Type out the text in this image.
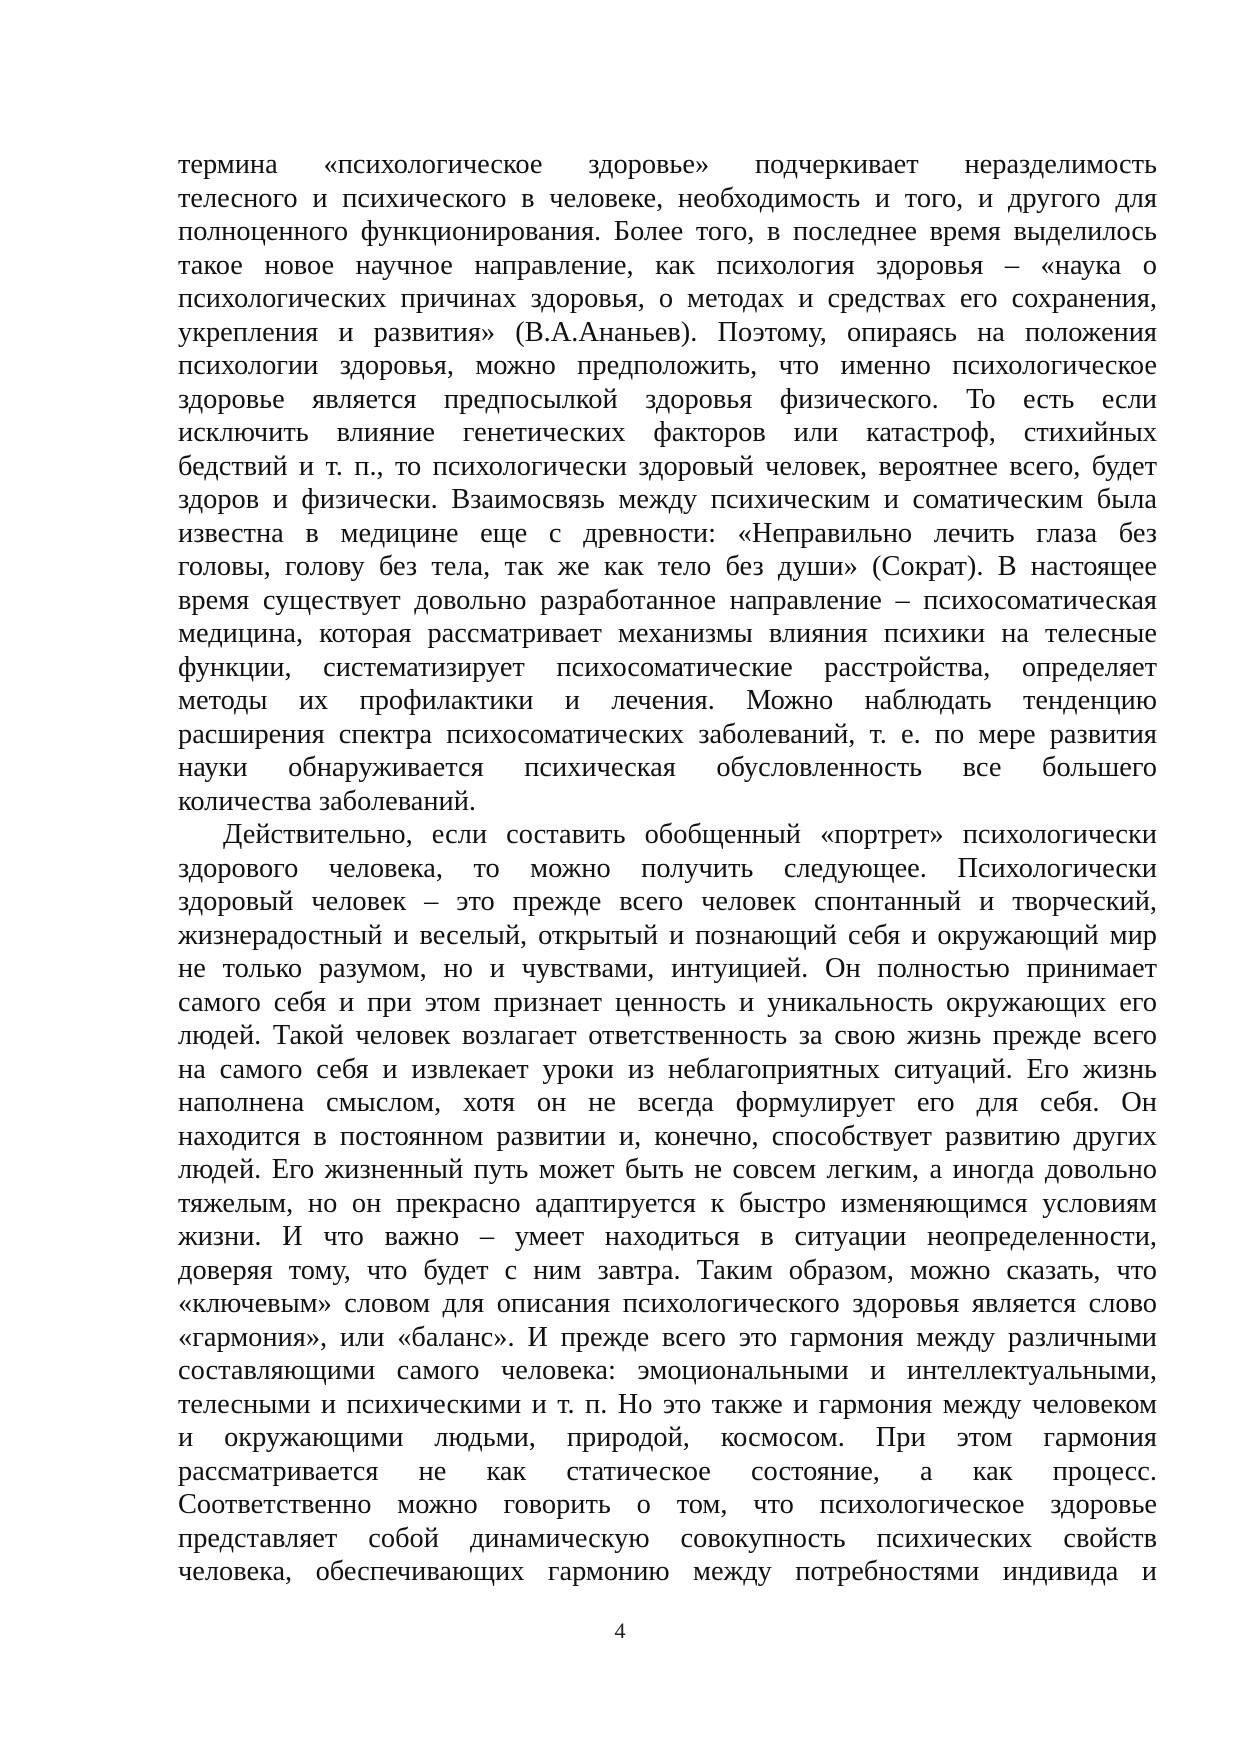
термина «психологическое здоровье» подчеркивает неразделимость
телесного и психического в человеке, необходимость и того, и другого для
полноценного функционирования. Более того, в последнее время выделилось
такое новое научное направление, как психология здоровья – «наука о
психологических причинах здоровья, о методах и средствах его сохранения,
укрепления и развития» (В.А.Ананьев). Поэтому, опираясь на положения
психологии здоровья, можно предположить, что именно психологическое
здоровье является предпосылкой здоровья физического. То есть если
исключить влияние генетических факторов или катастроф, стихийных
бедствий и т. п., то психологически здоровый человек, вероятнее всего, будет
здоров и физически. Взаимосвязь между психическим и соматическим была
известна в медицине еще с древности: «Неправильно лечить глаза без
головы, голову без тела, так же как тело без души» (Сократ). В настоящее
время существует довольно разработанное направление – психосоматическая
медицина, которая рассматривает механизмы влияния психики на телесные
функции, систематизирует психосоматические расстройства, определяет
методы их профилактики и лечения. Можно наблюдать тенденцию
расширения спектра психосоматических заболеваний, т. е. по мере развития
науки обнаруживается психическая обусловленность все большего
количества заболеваний.

Действительно, если составить обобщенный «портрет» психологически
здорового человека, то можно получить следующее. Психологически
здоровый человек – это прежде всего человек спонтанный и творческий,
жизнерадостный и веселый, открытый и познающий себя и окружающий мир
не только разумом, но и чувствами, интуицией. Он полностью принимает
самого себя и при этом признает ценность и уникальность окружающих его
людей. Такой человек возлагает ответственность за свою жизнь прежде всего
на самого себя и извлекает уроки из неблагоприятных ситуаций. Его жизнь
наполнена смыслом, хотя он не всегда формулирует его для себя. Он
находится в постоянном развитии и, конечно, способствует развитию других
людей. Его жизненный путь может быть не совсем легким, а иногда довольно
тяжелым, но он прекрасно адаптируется к быстро изменяющимся условиям
жизни. И что важно – умеет находиться в ситуации неопределенности,
доверяя тому, что будет с ним завтра. Таким образом, можно сказать, что
«ключевым» словом для описания психологического здоровья является слово
«гармония», или «баланс». И прежде всего это гармония между различными
составляющими самого человека: эмоциональными и интеллектуальными,
телесными и психическими и т. п. Но это также и гармония между человеком
и окружающими людьми, природой, космосом. При этом гармония
рассматривается не как статическое состояние, а как процесс.
Соответственно можно говорить о том, что психологическое здоровье
представляет собой динамическую совокупность психических свойств
человека, обеспечивающих гармонию между потребностями индивида и

4
